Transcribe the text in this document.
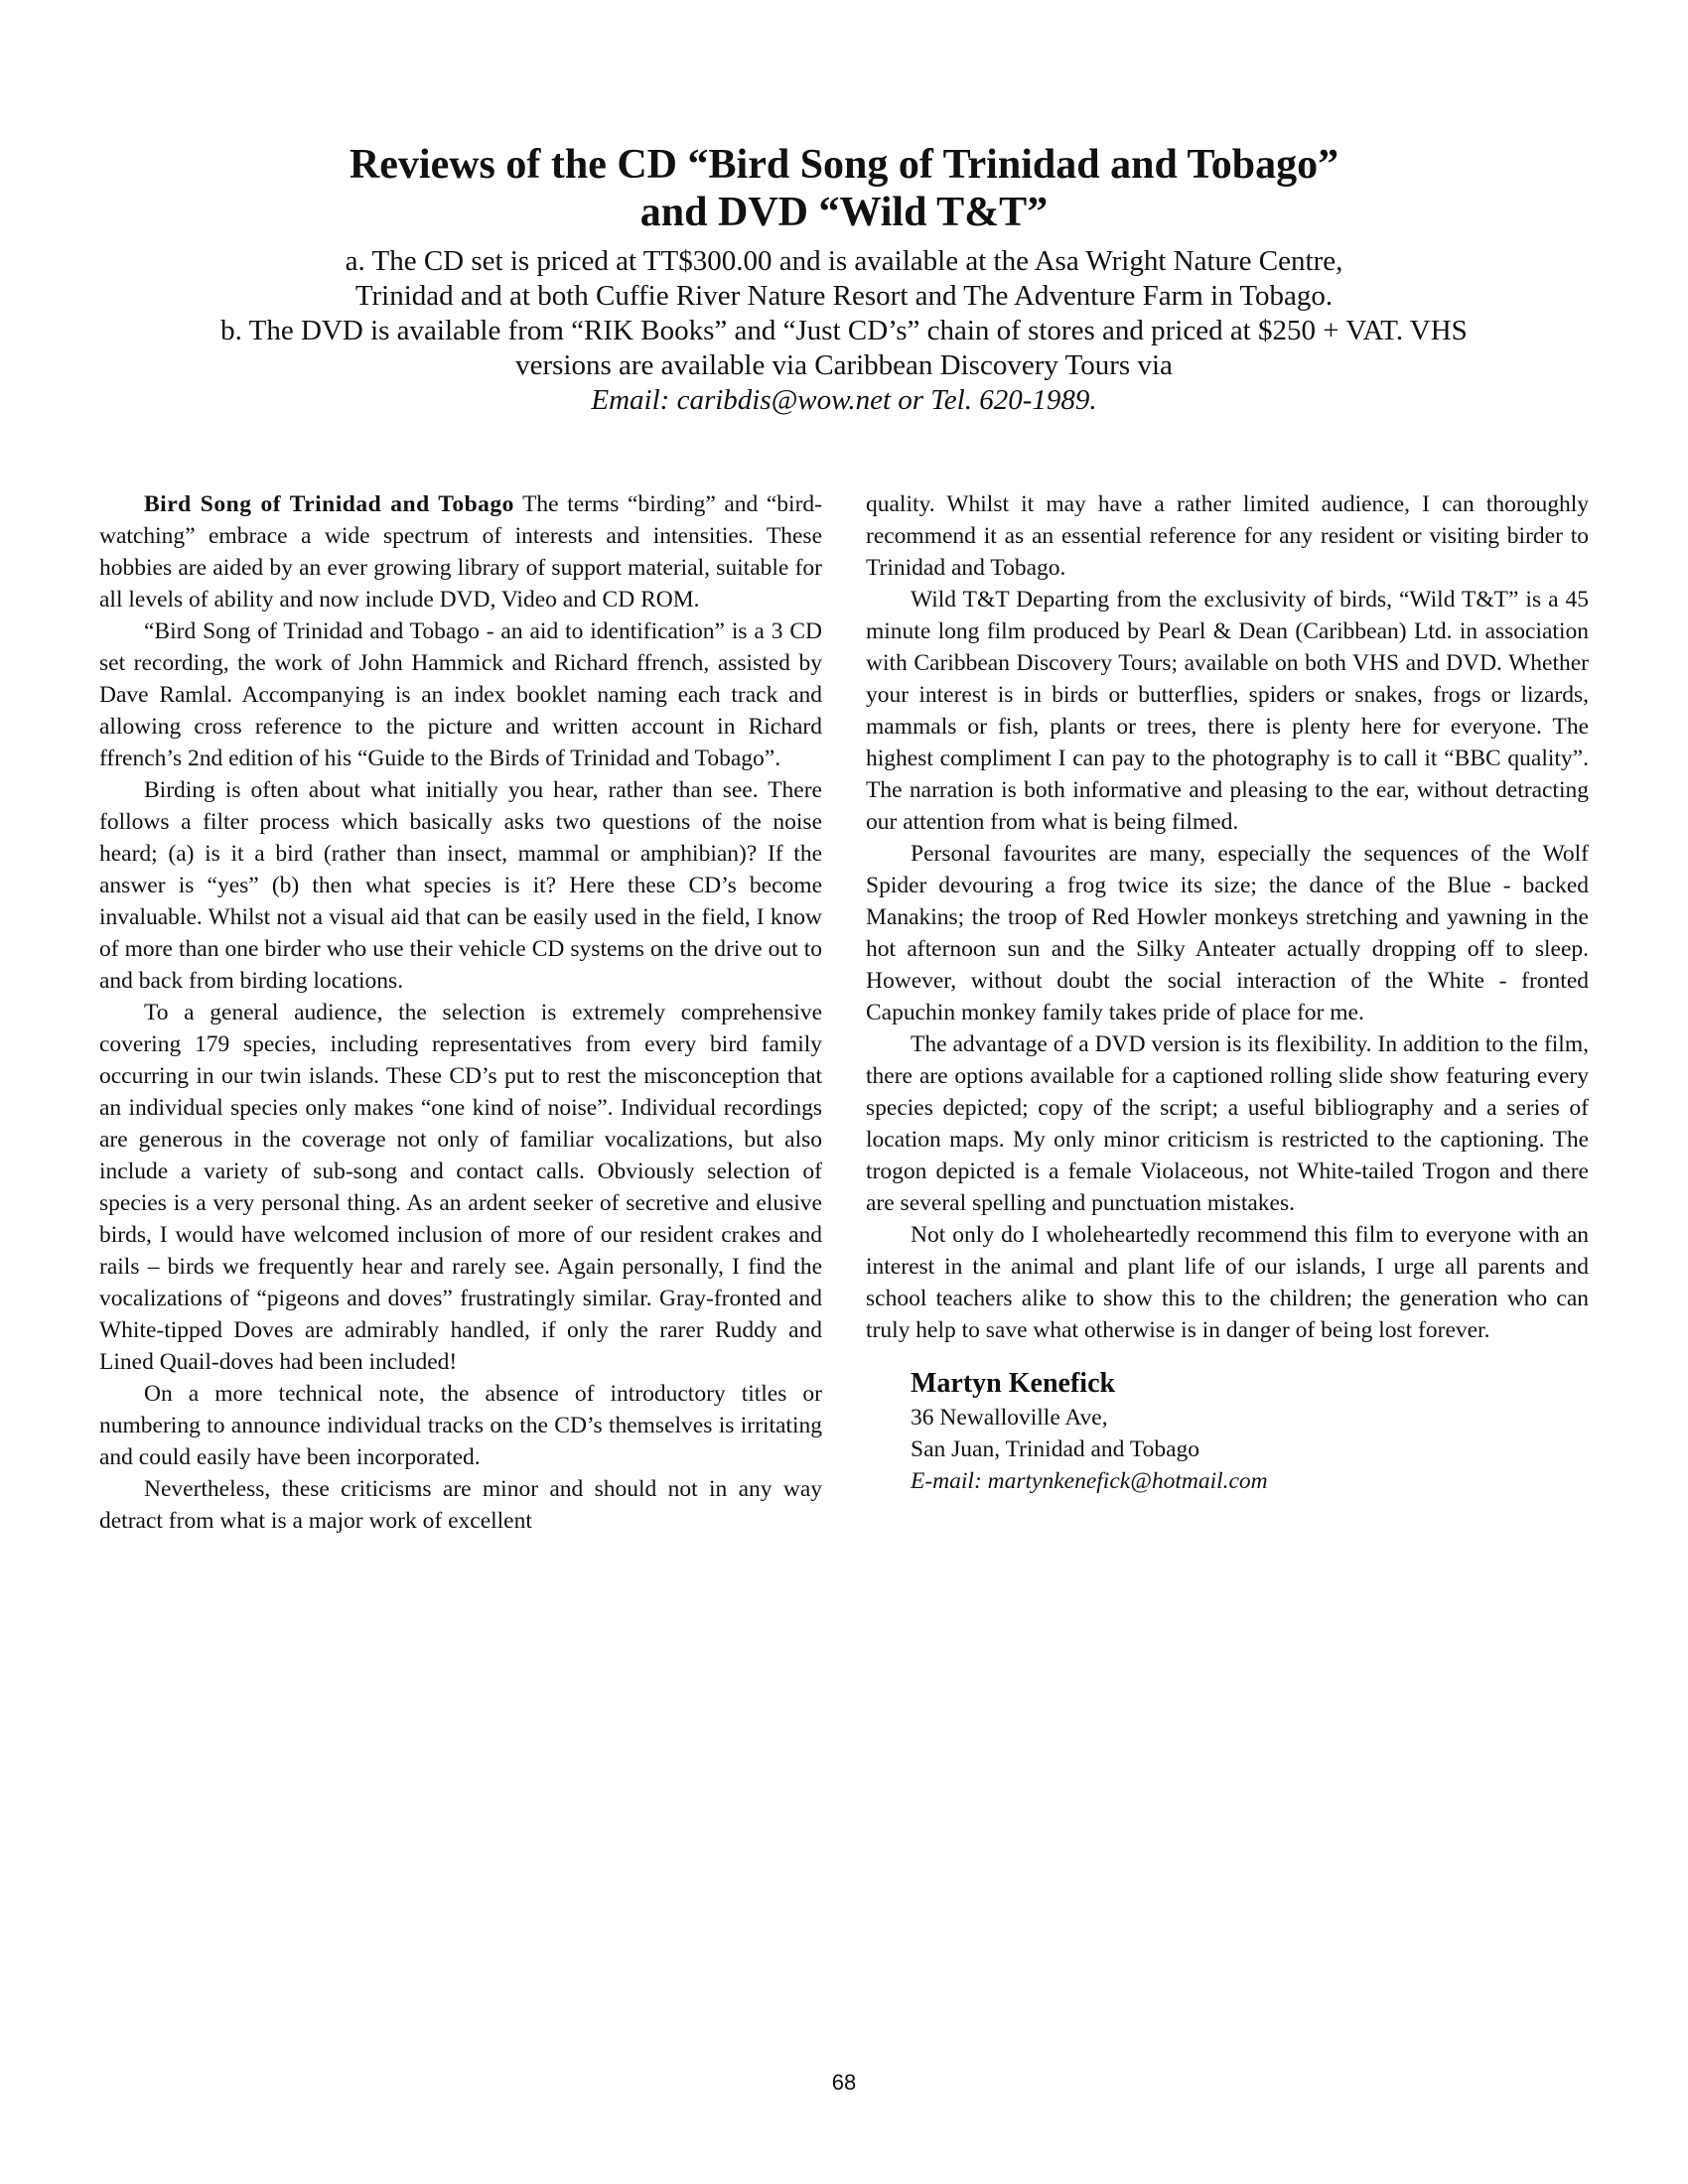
Reviews of the CD “Bird Song of Trinidad and Tobago”
and DVD “Wild T&T”

a. The CD set is priced at TT$300.00 and is available at the Asa Wright Nature Centre,

Trinidad and at both Cuffie River Nature Resort and The Adventure Farm in Tobago.

b. The DVD is available from “RIK Books” and “Just CD’s” chain of stores and priced at $250 + VAT. VHS

versions are available via Caribbean Discovery Tours via

Email: caribdis@wow.net or Tel. 620-1989.

Bird Song of Trinidad and Tobago The terms “birding” and “bird-watching” embrace a wide spectrum of interests and intensities. These hobbies are aided by an ever growing library of support material, suitable for all levels of ability and now include DVD, Video and CD ROM.

“Bird Song of Trinidad and Tobago - an aid to identification” is a 3 CD set recording, the work of John Hammick and Richard ffrench, assisted by Dave Ramlal. Accompanying is an index booklet naming each track and allowing cross reference to the picture and written account in Richard ffrench’s 2nd edition of his “Guide to the Birds of Trinidad and Tobago”.

Birding is often about what initially you hear, rather than see. There follows a filter process which basically asks two questions of the noise heard; (a) is it a bird (rather than insect, mammal or amphibian)? If the answer is “yes” (b) then what species is it? Here these CD’s become invaluable. Whilst not a visual aid that can be easily used in the field, I know of more than one birder who use their vehicle CD systems on the drive out to and back from birding locations.

To a general audience, the selection is extremely comprehensive covering 179 species, including representatives from every bird family occurring in our twin islands. These CD’s put to rest the misconception that an individual species only makes “one kind of noise”. Individual recordings are generous in the coverage not only of familiar vocalizations, but also include a variety of sub-song and contact calls. Obviously selection of species is a very personal thing. As an ardent seeker of secretive and elusive birds, I would have welcomed inclusion of more of our resident crakes and rails – birds we frequently hear and rarely see. Again personally, I find the vocalizations of “pigeons and doves” frustratingly similar. Gray-fronted and White-tipped Doves are admirably handled, if only the rarer Ruddy and Lined Quail-doves had been included!

On a more technical note, the absence of introductory titles or numbering to announce individual tracks on the CD’s themselves is irritating and could easily have been incorporated.

Nevertheless, these criticisms are minor and should not in any way detract from what is a major work of excellent

quality. Whilst it may have a rather limited audience, I can thoroughly recommend it as an essential reference for any resident or visiting birder to Trinidad and Tobago.

Wild T&T Departing from the exclusivity of birds, “Wild T&T” is a 45 minute long film produced by Pearl & Dean (Caribbean) Ltd. in association with Caribbean Discovery Tours; available on both VHS and DVD. Whether your interest is in birds or butterflies, spiders or snakes, frogs or lizards, mammals or fish, plants or trees, there is plenty here for everyone. The highest compliment I can pay to the photography is to call it “BBC quality”. The narration is both informative and pleasing to the ear, without detracting our attention from what is being filmed.

Personal favourites are many, especially the sequences of the Wolf Spider devouring a frog twice its size; the dance of the Blue - backed Manakins; the troop of Red Howler monkeys stretching and yawning in the hot afternoon sun and the Silky Anteater actually dropping off to sleep. However, without doubt the social interaction of the White - fronted Capuchin monkey family takes pride of place for me.

The advantage of a DVD version is its flexibility. In addition to the film, there are options available for a captioned rolling slide show featuring every species depicted; copy of the script; a useful bibliography and a series of location maps. My only minor criticism is restricted to the captioning. The trogon depicted is a female Violaceous, not White-tailed Trogon and there are several spelling and punctuation mistakes.

Not only do I wholeheartedly recommend this film to everyone with an interest in the animal and plant life of our islands, I urge all parents and school teachers alike to show this to the children; the generation who can truly help to save what otherwise is in danger of being lost forever.

Martyn Kenefick

36 Newalloville Ave,

San Juan, Trinidad and Tobago

E-mail: martynkenefick@hotmail.com

68
